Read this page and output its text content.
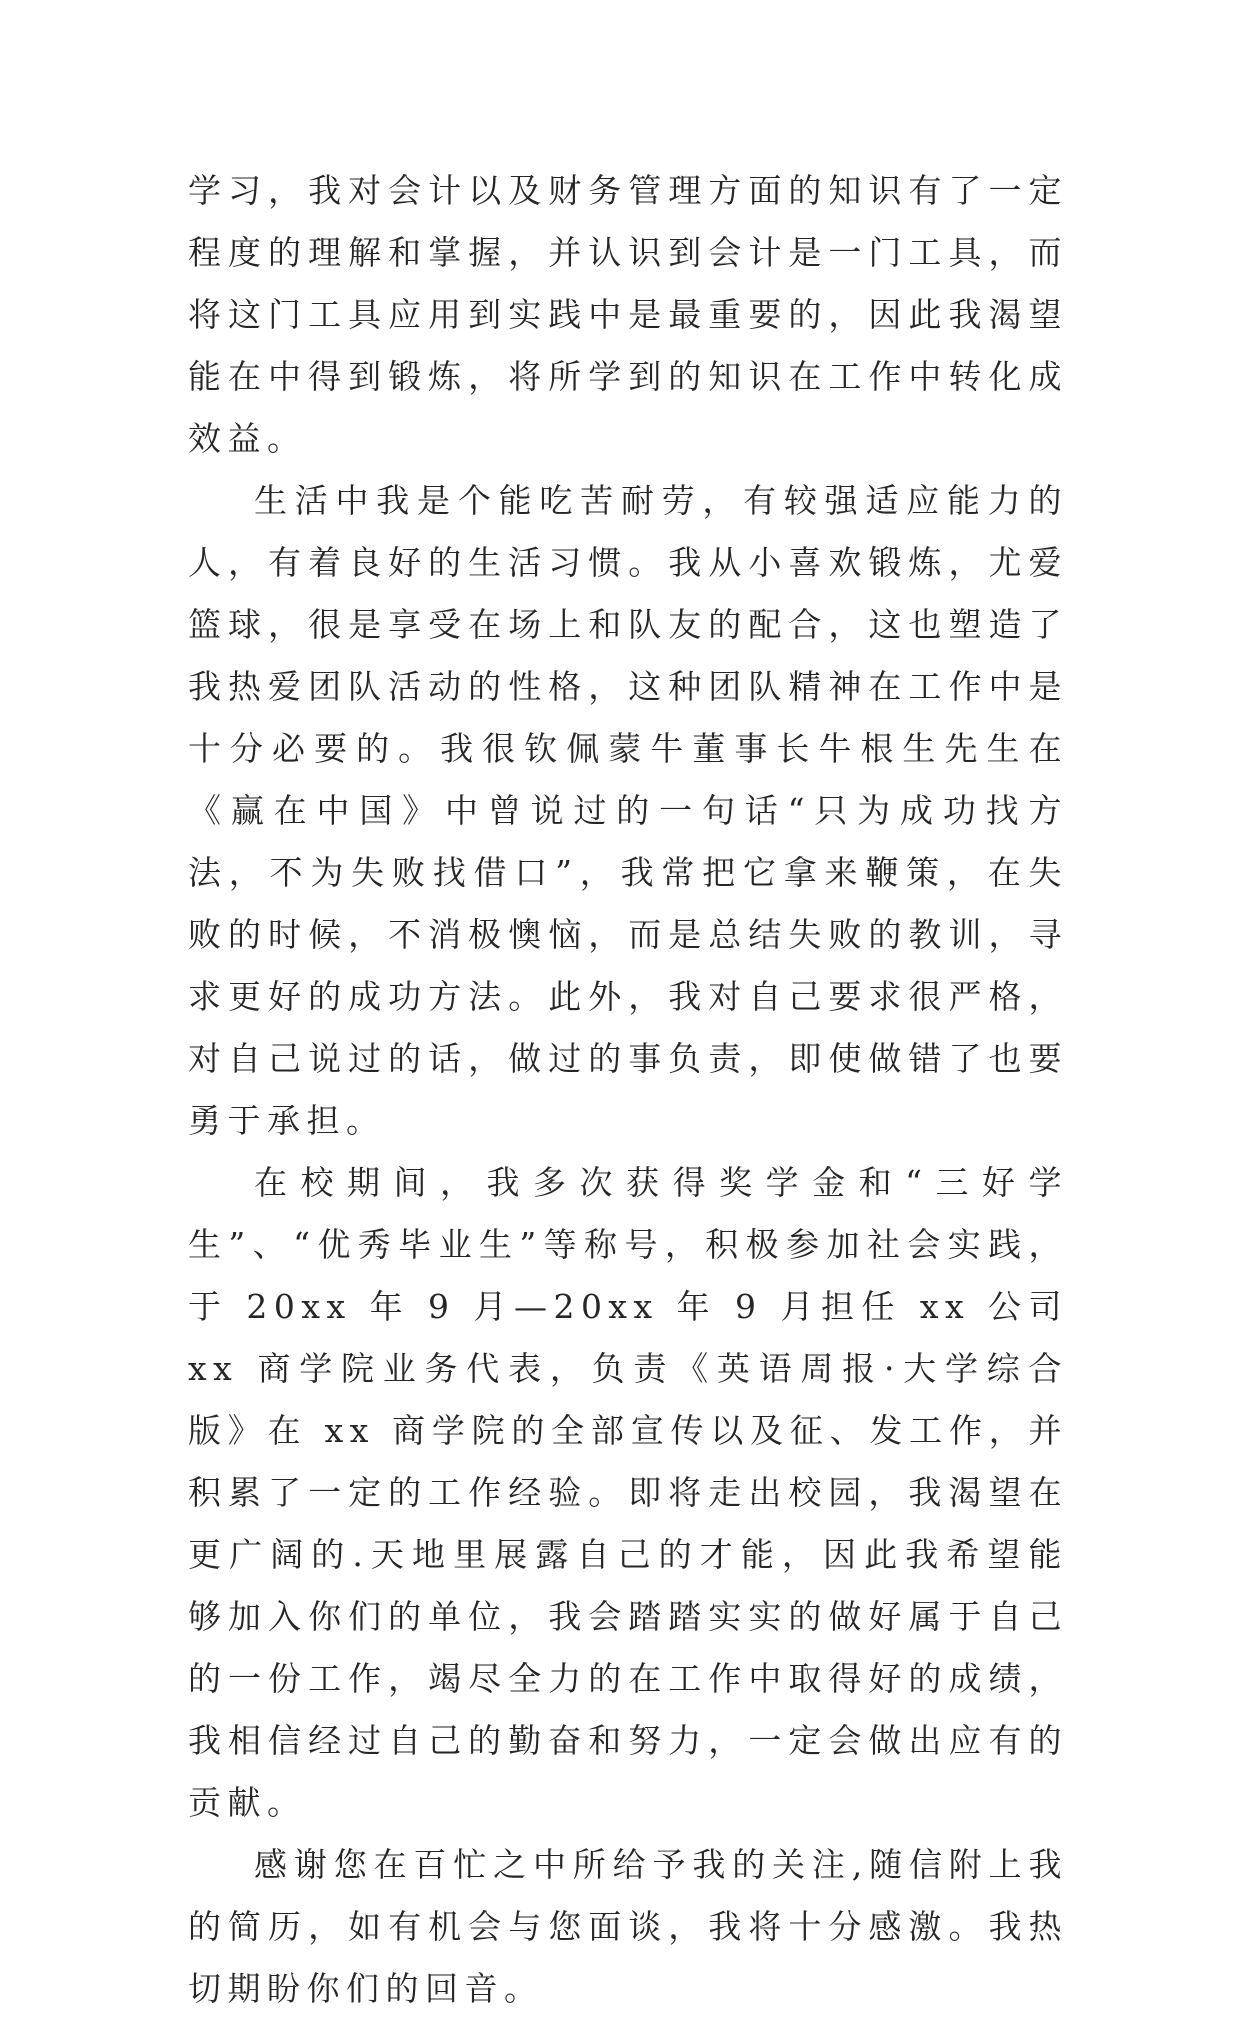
学习，我对会计以及财务管理方面的知识有了一定程度的理解和掌握，并认识到会计是一门工具，而将这门工具应用到实践中是最重要的，因此我渴望能在中得到锻炼，将所学到的知识在工作中转化成效益。

生活中我是个能吃苦耐劳，有较强适应能力的人，有着良好的生活习惯。我从小喜欢锻炼，尤爱篮球，很是享受在场上和队友的配合，这也塑造了我热爱团队活动的性格，这种团队精神在工作中是十分必要的。我很钦佩蒙牛董事长牛根生先生在《赢在中国》中曾说过的一句话“只为成功找方法，不为失败找借口”，我常把它拿来鞭策，在失败的时候，不消极懊恼，而是总结失败的教训，寻求更好的成功方法。此外，我对自己要求很严格，对自己说过的话，做过的事负责，即使做错了也要勇于承担。

在校期间，我多次获得奖学金和“三好学生”、“优秀毕业生”等称号，积极参加社会实践，于 20xx 年 9 月—20xx 年 9 月担任 xx 公司 xx 商学院业务代表，负责《英语周报·大学综合版》在 xx 商学院的全部宣传以及征、发工作，并积累了一定的工作经验。即将走出校园，我渴望在更广阔的.天地里展露自己的才能，因此我希望能够加入你们的单位，我会踏踏实实的做好属于自己的一份工作，竭尽全力的在工作中取得好的成绩，我相信经过自己的勤奋和努力，一定会做出应有的贡献。

感谢您在百忙之中所给予我的关注,随信附上我的简历，如有机会与您面谈，我将十分感激。我热切期盼你们的回音。
